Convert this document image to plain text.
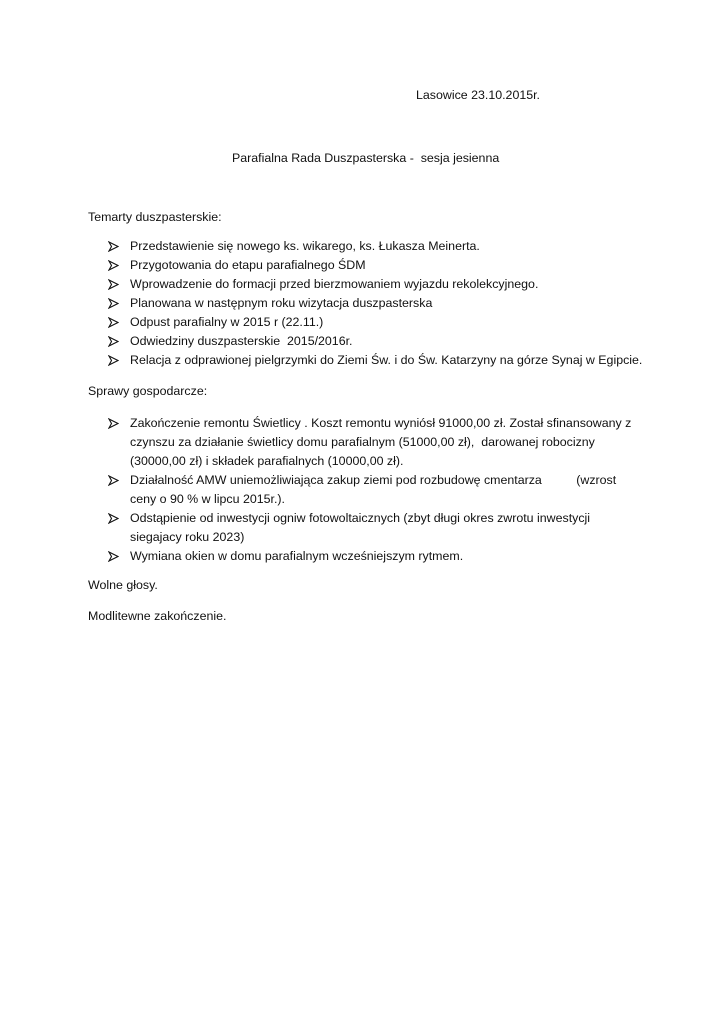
Lasowice 23.10.2015r.
Parafialna Rada Duszpasterska -  sesja jesienna
Temarty duszpasterskie:
Przedstawienie się nowego ks. wikarego, ks. Łukasza Meinerta.
Przygotowania do etapu parafialnego ŚDM
Wprowadzenie do formacji przed bierzmowaniem wyjazdu rekolekcyjnego.
Planowana w następnym roku wizytacja duszpasterska
Odpust parafialny w 2015 r (22.11.)
Odwiedziny duszpasterskie  2015/2016r.
Relacja z odprawionej pielgrzymki do Ziemi Św. i do Św. Katarzyny na górze Synaj w Egipcie.
Sprawy gospodarcze:
Zakończenie remontu Świetlicy . Koszt remontu wyniósł 91000,00 zł. Został sfinansowany z
czynszu za działanie świetlicy domu parafialnym (51000,00 zł),  darowanej robocizny
(30000,00 zł) i składek parafialnych (10000,00 zł).
Działalność AMW uniemożliwiająca zakup ziemi pod rozbudowę cmentarza          (wzrost
ceny o 90 % w lipcu 2015r.).
Odstąpienie od inwestycji ogniw fotowoltaicznych (zbyt długi okres zwrotu inwestycji
siegajacy roku 2023)
Wymiana okien w domu parafialnym wcześniejszym rytmem.
Wolne głosy.
Modlitewne zakończenie.
